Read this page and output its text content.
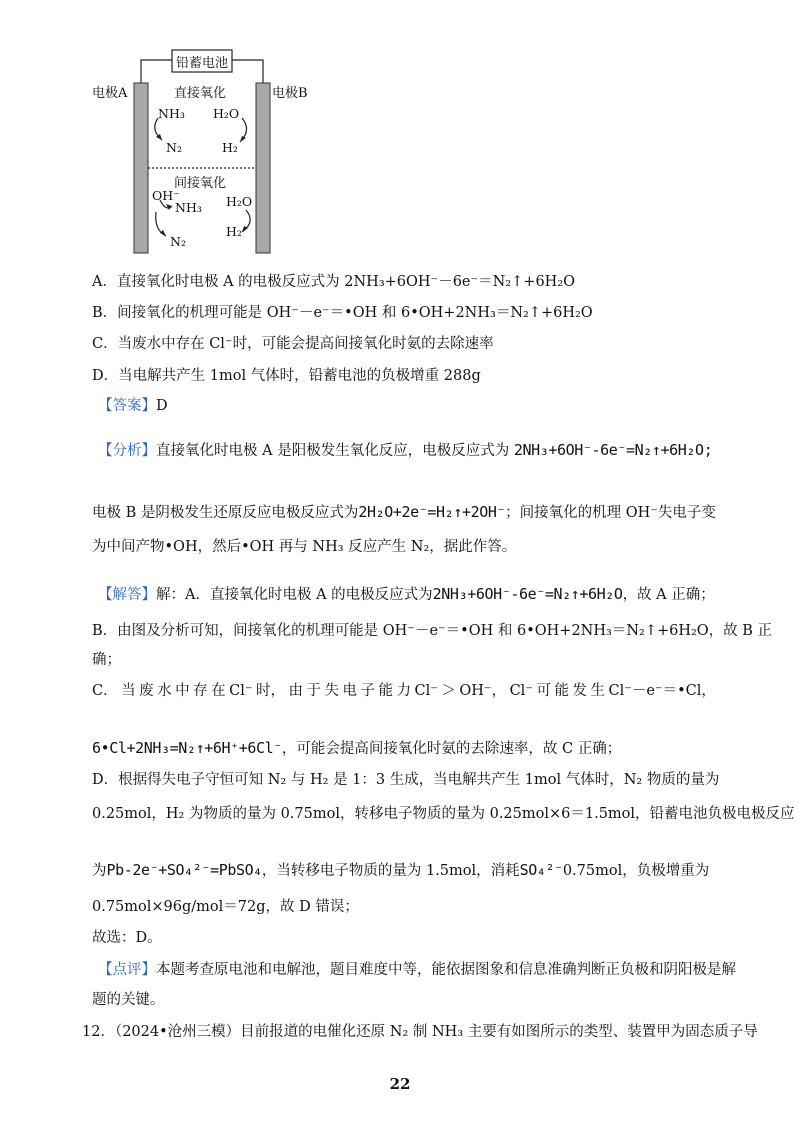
铅蓄电池
电极A	电极B
直接氧化
NH₃ H₂O
N₂	H₂
间接氧化
OH⁻
NH₃ H₂O
N₂
H₂
A．直接氧化时电极 A 的电极反应式为 2NH₃+6OH⁻－6e⁻＝N₂↑+6H₂O
B．间接氧化的机理可能是 OH⁻－e⁻＝•OH 和 6•OH+2NH₃＝N₂↑+6H₂O
C．当废水中存在 Cl⁻时，可能会提高间接氧化时氨的去除速率
D．当电解共产生 1mol 气体时，铅蓄电池的负极增重 288g
【答案】D
【分析】直接氧化时电极 A 是阳极发生氧化反应，电极反应式为 2NH₃+6OH⁻-6e⁻=N₂↑+6H₂O;
电极 B 是阴极发生还原反应电极反应式为2H₂O+2e⁻=H₂↑+2OH⁻；间接氧化的机理 OH⁻失电子变
为中间产物•OH，然后•OH 再与 NH₃ 反应产生 N₂，据此作答。
【解答】解：A．直接氧化时电极 A 的电极反应式为2NH₃+6OH⁻-6e⁻=N₂↑+6H₂O，故 A 正确；
B．由图及分析可知，间接氧化的机理可能是 OH⁻－e⁻＝•OH 和 6•OH+2NH₃＝N₂↑+6H₂O，故 B 正
确；
C． 当 废 水 中 存 在 Cl⁻ 时， 由 于 失 电 子 能 力 Cl⁻ ＞ OH⁻， Cl⁻ 可 能 发 生 Cl⁻－e⁻＝•Cl，
6•Cl+2NH₃=N₂↑+6H⁺+6Cl⁻，可能会提高间接氧化时氨的去除速率，故 C 正确；
D．根据得失电子守恒可知 N₂ 与 H₂ 是 1：3 生成，当电解共产生 1mol 气体时，N₂ 物质的量为
0.25mol，H₂ 为物质的量为 0.75mol，转移电子物质的量为 0.25mol×6＝1.5mol，铅蓄电池负极电极反应
为Pb-2e⁻+SO₄²⁻=PbSO₄，当转移电子物质的量为 1.5mol，消耗SO₄²⁻0.75mol，负极增重为
0.75mol×96g/mol＝72g，故 D 错误；
故选：D。
【点评】本题考查原电池和电解池，题目难度中等，能依据图象和信息准确判断正负极和阴阳极是解
题的关键。
12．（2024•沧州三模）目前报道的电催化还原 N₂ 制 NH₃ 主要有如图所示的类型、装置甲为固态质子导
22
